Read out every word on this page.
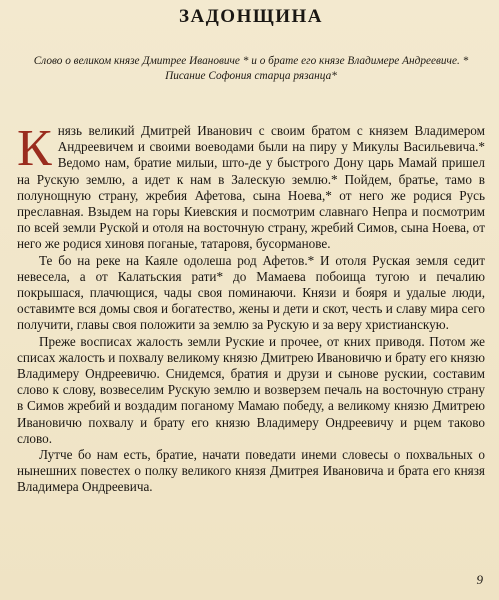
ЗАДОНЩИНА
Слово о великом князе Дмитрее Ивановиче * и о брате его князе Владимере Андреевиче. * Писание Софония старца рязанца*

Князь великий Дмитрей Иванович с своим братом с князем Владимером Андреевичем и своими воеводами были на пиру у Микулы Васильевича.* Ведомо нам, братие милыи, што-де у быстрого Дону царь Мамай пришел на Рускую землю, а идет к нам в Залескую землю.* Пойдем, братье, тамо в полунощную страну, жребия Афетова, сына Ноева,* от него же родися Русь преславная. Взыдем на горы Киевския и посмотрим славнаго Непра и посмотрим по всей земли Руской и отоля на восточную страну, жребий Симов, сына Ноева, от него же родися хиновя поганые, татаровя, бусорманове.

Те бо на реке на Каяле одолеша род Афетов.* И отоля Руская земля седит невесела, а от Калатьския рати* до Мамаева побоища тугою и печалию покрышася, плачющися, чады своя поминаючи. Князи и бояря и удалые люди, оставимте вся домы своя и богатество, жены и дети и скот, честь и славу мира сего получити, главы своя положити за землю за Рускую и за веру христианскую.

Преже восписах жалость земли Руские и прочее, от кних приводя. Потом же списах жалость и похвалу великому князю Дмитрею Ивановичю и брату его князю Владимеру Ондреевичю. Снидемся, братия и друзи и сынове рускии, составим слово к слову, возвеселим Рускую землю и возверзем печаль на восточную страну в Симов жребий и воздадим поганому Мамаю победу, а великому князю Дмитрею Ивановичю похвалу и брату его князю Владимеру Ондреевичу и рцем таково слово.

Лутче бо нам есть, братие, начати поведати инеми словесы о похвальных о нынешних повестех о полку великого князя Дмитрея Ивановича и брата его князя Владимера Ондреевича.

9
